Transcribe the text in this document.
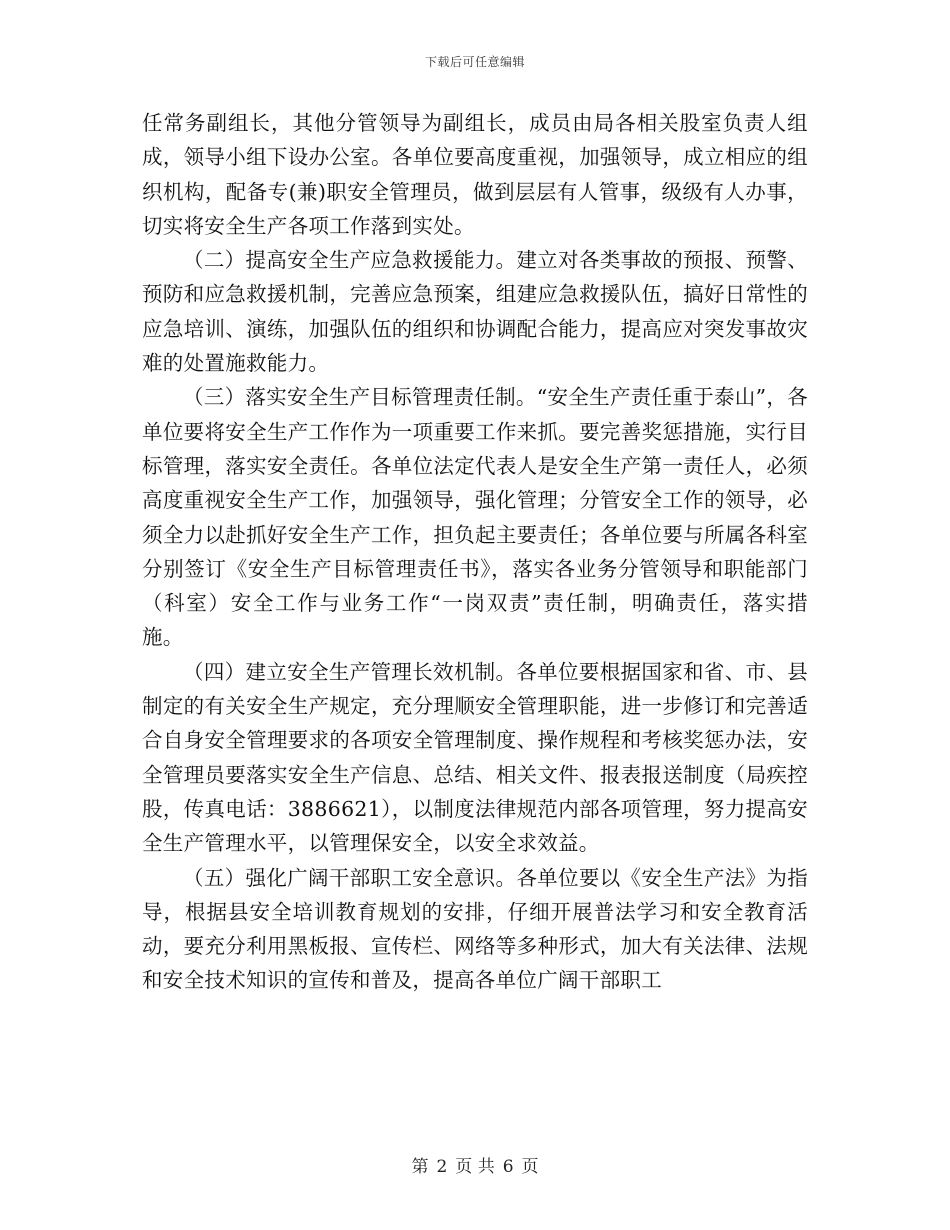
下载后可任意编辑

任常务副组长，其他分管领导为副组长，成员由局各相关股室负责人组成，领导小组下设办公室。各单位要高度重视，加强领导，成立相应的组织机构，配备专(兼)职安全管理员，做到层层有人管事，级级有人办事，切实将安全生产各项工作落到实处。

（二）提高安全生产应急救援能力。建立对各类事故的预报、预警、预防和应急救援机制，完善应急预案，组建应急救援队伍，搞好日常性的应急培训、演练，加强队伍的组织和协调配合能力，提高应对突发事故灾难的处置施救能力。

（三）落实安全生产目标管理责任制。“安全生产责任重于泰山”，各单位要将安全生产工作作为一项重要工作来抓。要完善奖惩措施，实行目标管理，落实安全责任。各单位法定代表人是安全生产第一责任人，必须高度重视安全生产工作，加强领导，强化管理；分管安全工作的领导，必须全力以赴抓好安全生产工作，担负起主要责任；各单位要与所属各科室分别签订《安全生产目标管理责任书》，落实各业务分管领导和职能部门（科室）安全工作与业务工作“一岗双责”责任制，明确责任，落实措施。

（四）建立安全生产管理长效机制。各单位要根据国家和省、市、县制定的有关安全生产规定，充分理顺安全管理职能，进一步修订和完善适合自身安全管理要求的各项安全管理制度、操作规程和考核奖惩办法，安全管理员要落实安全生产信息、总结、相关文件、报表报送制度（局疾控股，传真电话：3886621），以制度法律规范内部各项管理，努力提高安全生产管理水平，以管理保安全，以安全求效益。

（五）强化广阔干部职工安全意识。各单位要以《安全生产法》为指导，根据县安全培训教育规划的安排，仔细开展普法学习和安全教育活动，要充分利用黑板报、宣传栏、网络等多种形式，加大有关法律、法规和安全技术知识的宣传和普及，提高各单位广阔干部职工

第 2 页 共 6 页
